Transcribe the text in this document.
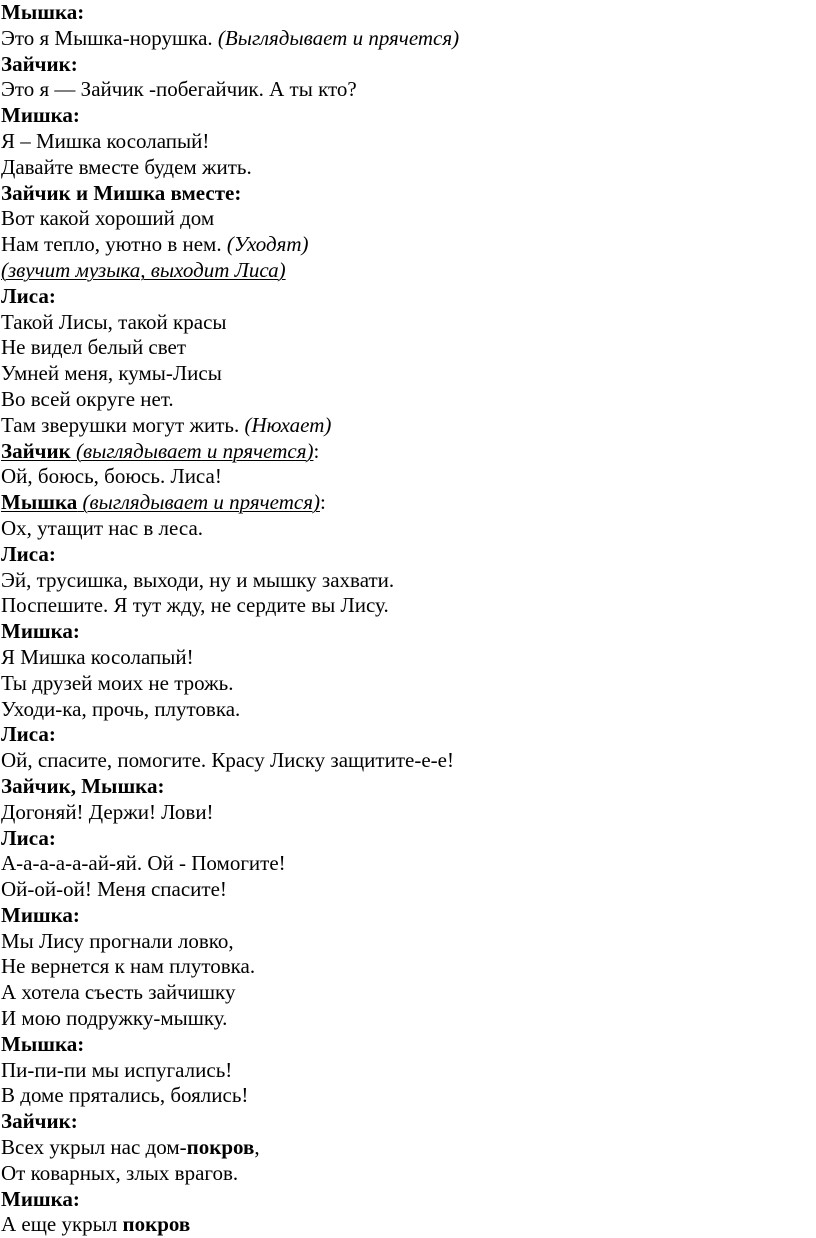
Мышка:
Это я Мышка-норушка. (Выглядывает и прячется)
Зайчик:
Это я — Зайчик -побегайчик. А ты кто?
Мишка:
Я – Мишка косолапый!
Давайте вместе будем жить.
Зайчик и Мишка вместе:
Вот какой хороший дом
Нам тепло, уютно в нем. (Уходят)
(звучит музыка, выходит Лиса)
Лиса:
Такой Лисы, такой красы
Не видел белый свет
Умней меня, кумы-Лисы
Во всей округе нет.
Там зверушки могут жить. (Нюхает)
Зайчик (выглядывает и прячется):
Ой, боюсь, боюсь. Лиса!
Мышка (выглядывает и прячется):
Ох, утащит нас в леса.
Лиса:
Эй, трусишка, выходи, ну и мышку захвати.
Поспешите. Я тут жду, не сердите вы Лису.
Мишка:
Я Мишка косолапый!
Ты друзей моих не трожь.
Уходи-ка, прочь, плутовка.
Лиса:
Ой, спасите, помогите. Красу Лиску защитите-е-е!
Зайчик, Мышка:
Догоняй! Держи! Лови!
Лиса:
А-а-а-а-а-ай-яй. Ой - Помогите!
Ой-ой-ой! Меня спасите!
Мишка:
Мы Лису прогнали ловко,
Не вернется к нам плутовка.
А хотела съесть зайчишку
И мою подружку-мышку.
Мышка:
Пи-пи-пи мы испугались!
В доме прятались, боялись!
Зайчик:
Всех укрыл нас дом-покров,
От коварных, злых врагов.
Мишка:
А еще укрыл покров
